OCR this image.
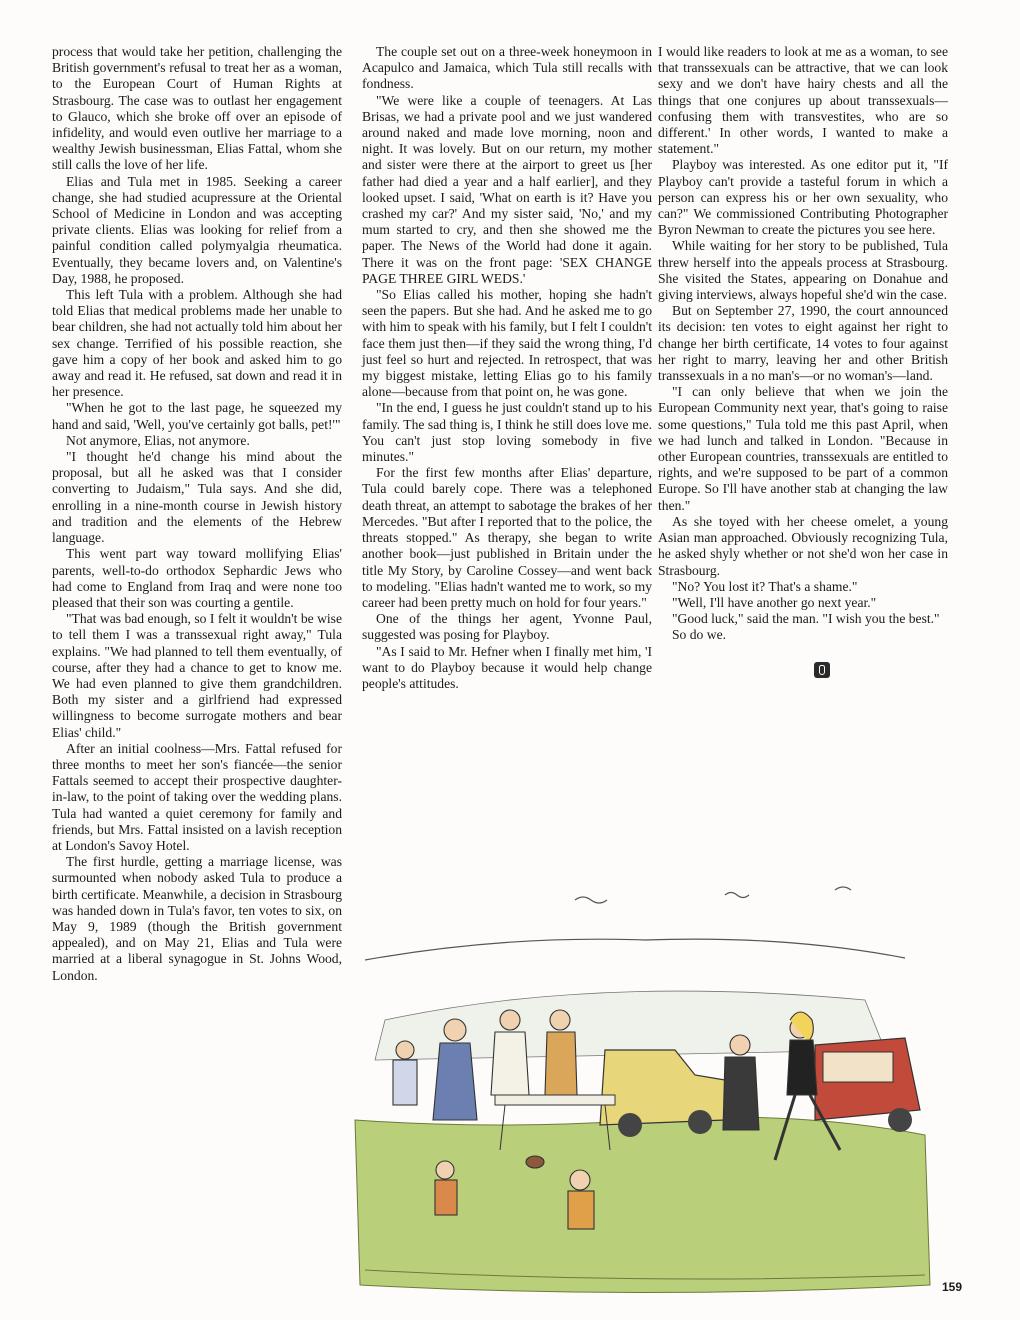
process that would take her petition, challenging the British government's refusal to treat her as a woman, to the European Court of Human Rights at Strasbourg. The case was to outlast her engagement to Glauco, which she broke off over an episode of infidelity, and would even outlive her marriage to a wealthy Jewish businessman, Elias Fattal, whom she still calls the love of her life.

Elias and Tula met in 1985. Seeking a career change, she had studied acupressure at the Oriental School of Medicine in London and was accepting private clients. Elias was looking for relief from a painful condition called polymyalgia rheumatica. Eventually, they became lovers and, on Valentine's Day, 1988, he proposed.

This left Tula with a problem. Although she had told Elias that medical problems made her unable to bear children, she had not actually told him about her sex change. Terrified of his possible reaction, she gave him a copy of her book and asked him to go away and read it. He refused, sat down and read it in her presence.

"When he got to the last page, he squeezed my hand and said, 'Well, you've certainly got balls, pet!'"

Not anymore, Elias, not anymore.

"I thought he'd change his mind about the proposal, but all he asked was that I consider converting to Judaism," Tula says. And she did, enrolling in a nine-month course in Jewish history and tradition and the elements of the Hebrew language.

This went part way toward mollifying Elias' parents, well-to-do orthodox Sephardic Jews who had come to England from Iraq and were none too pleased that their son was courting a gentile.

"That was bad enough, so I felt it wouldn't be wise to tell them I was a transsexual right away," Tula explains. "We had planned to tell them eventually, of course, after they had a chance to get to know me. We had even planned to give them grandchildren. Both my sister and a girlfriend had expressed willingness to become surrogate mothers and bear Elias' child."

After an initial coolness—Mrs. Fattal refused for three months to meet her son's fiancée—the senior Fattals seemed to accept their prospective daughter-in-law, to the point of taking over the wedding plans. Tula had wanted a quiet ceremony for family and friends, but Mrs. Fattal insisted on a lavish reception at London's Savoy Hotel.

The first hurdle, getting a marriage license, was surmounted when nobody asked Tula to produce a birth certificate. Meanwhile, a decision in Strasbourg was handed down in Tula's favor, ten votes to six, on May 9, 1989 (though the British government appealed), and on May 21, Elias and Tula were married at a liberal synagogue in St. Johns Wood, London.

The couple set out on a three-week honeymoon in Acapulco and Jamaica, which Tula still recalls with fondness.

"We were like a couple of teenagers. At Las Brisas, we had a private pool and we just wandered around naked and made love morning, noon and night. It was lovely. But on our return, my mother and sister were there at the airport to greet us [her father had died a year and a half earlier], and they looked upset. I said, 'What on earth is it? Have you crashed my car?' And my sister said, 'No,' and my mum started to cry, and then she showed me the paper. The News of the World had done it again. There it was on the front page: 'SEX CHANGE PAGE THREE GIRL WEDS.'

"So Elias called his mother, hoping she hadn't seen the papers. But she had. And he asked me to go with him to speak with his family, but I felt I couldn't face them just then—if they said the wrong thing, I'd just feel so hurt and rejected. In retrospect, that was my biggest mistake, letting Elias go to his family alone—because from that point on, he was gone.

"In the end, I guess he just couldn't stand up to his family. The sad thing is, I think he still does love me. You can't just stop loving somebody in five minutes."

For the first few months after Elias' departure, Tula could barely cope. There was a telephoned death threat, an attempt to sabotage the brakes of her Mercedes. "But after I reported that to the police, the threats stopped." As therapy, she began to write another book—just published in Britain under the title My Story, by Caroline Cossey—and went back to modeling. "Elias hadn't wanted me to work, so my career had been pretty much on hold for four years."

One of the things her agent, Yvonne Paul, suggested was posing for Playboy.

"As I said to Mr. Hefner when I finally met him, 'I want to do Playboy because it would help change people's attitudes.

I would like readers to look at me as a woman, to see that transsexuals can be attractive, that we can look sexy and we don't have hairy chests and all the things that one conjures up about transsexuals—confusing them with transvestites, who are so different.' In other words, I wanted to make a statement."

Playboy was interested. As one editor put it, "If Playboy can't provide a tasteful forum in which a person can express his or her own sexuality, who can?" We commissioned Contributing Photographer Byron Newman to create the pictures you see here.

While waiting for her story to be published, Tula threw herself into the appeals process at Strasbourg. She visited the States, appearing on Donahue and giving interviews, always hopeful she'd win the case.

But on September 27, 1990, the court announced its decision: ten votes to eight against her right to change her birth certificate, 14 votes to four against her right to marry, leaving her and other British transsexuals in a no man's—or no woman's—land.

"I can only believe that when we join the European Community next year, that's going to raise some questions," Tula told me this past April, when we had lunch and talked in London. "Because in other European countries, transsexuals are entitled to rights, and we're supposed to be part of a common Europe. So I'll have another stab at changing the law then."

As she toyed with her cheese omelet, a young Asian man approached. Obviously recognizing Tula, he asked shyly whether or not she'd won her case in Strasbourg.

"No? You lost it? That's a shame."

"Well, I'll have another go next year."

"Good luck," said the man. "I wish you the best."

So do we.

159
